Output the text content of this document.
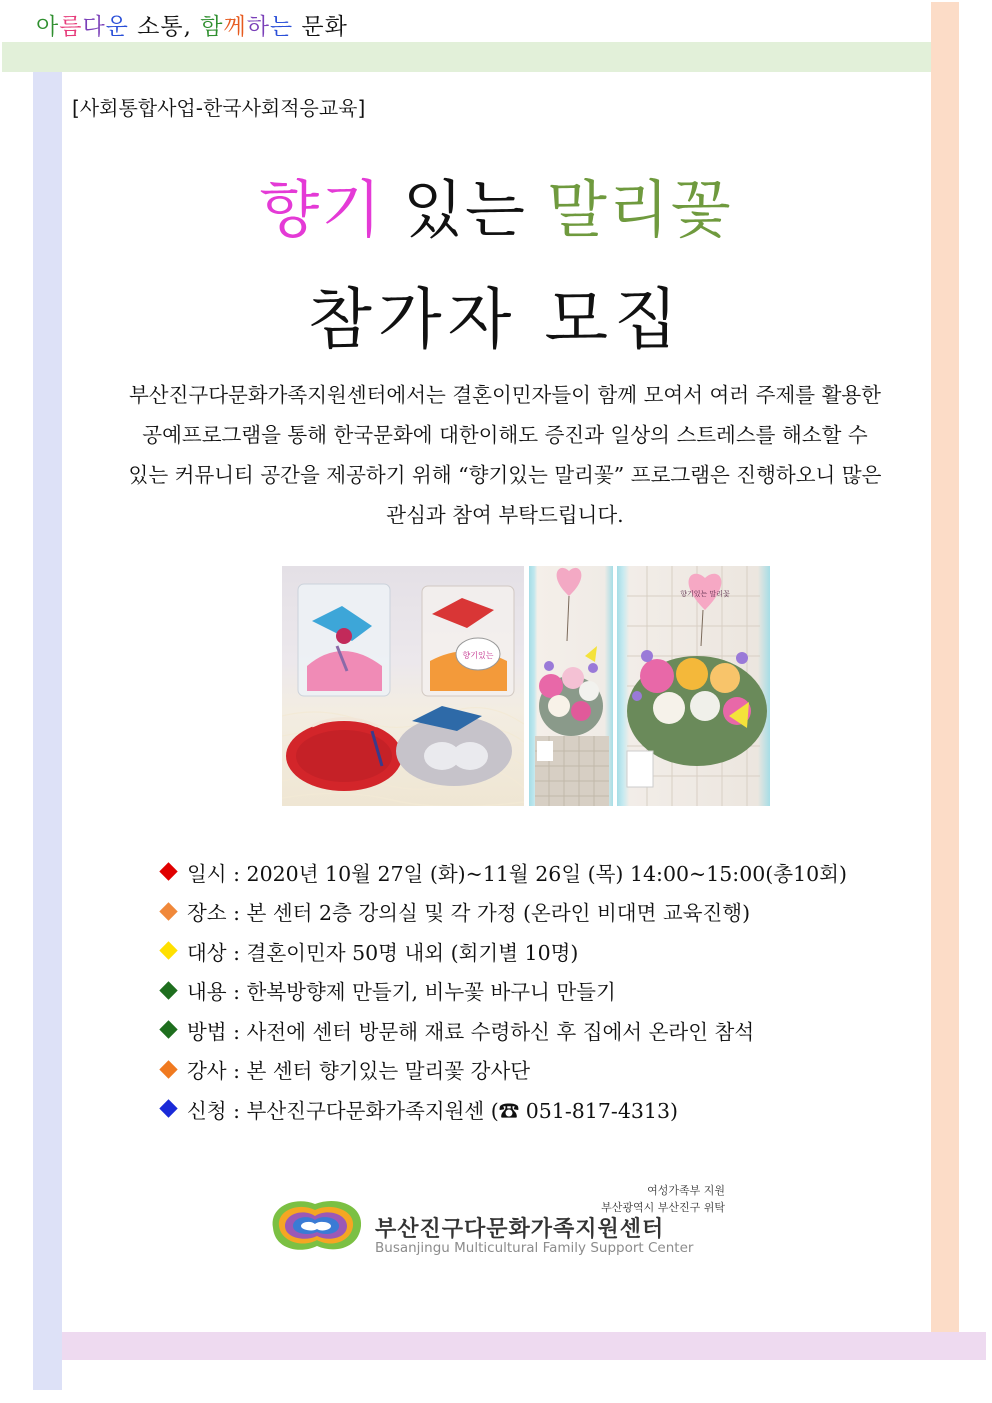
아름다운 소통, 함께하는 문화
[사회통합사업-한국사회적응교육]
향기 있는 말리꽃
참가자 모집
부산진구다문화가족지원센터에서는 결혼이민자들이 함께 모여서 여러 주제를 활용한
공예프로그램을 통해 한국문화에 대한이해도 증진과 일상의 스트레스를 해소할 수
있는 커뮤니티 공간을 제공하기 위해 “향기있는 말리꽃” 프로그램은 진행하오니 많은
관심과 참여 부탁드립니다.
향기있는
향기있는 말리꽃
일시 : 2020년 10월 27일 (화)~11월 26일 (목) 14:00~15:00(총10회)
장소 : 본 센터 2층 강의실 및 각 가정 (온라인 비대면 교육진행)
대상 : 결혼이민자 50명 내외 (회기별 10명)
내용 : 한복방향제 만들기, 비누꽃 바구니 만들기
방법 : 사전에 센터 방문해 재료 수령하신 후 집에서 온라인 참석
강사 : 본 센터 향기있는 말리꽃 강사단
신청 : 부산진구다문화가족지원센 (☎ 051-817-4313)
여성가족부 지원
부산광역시 부산진구 위탁
부산진구다문화가족지원센터
Busanjingu Multicultural Family Support Center
